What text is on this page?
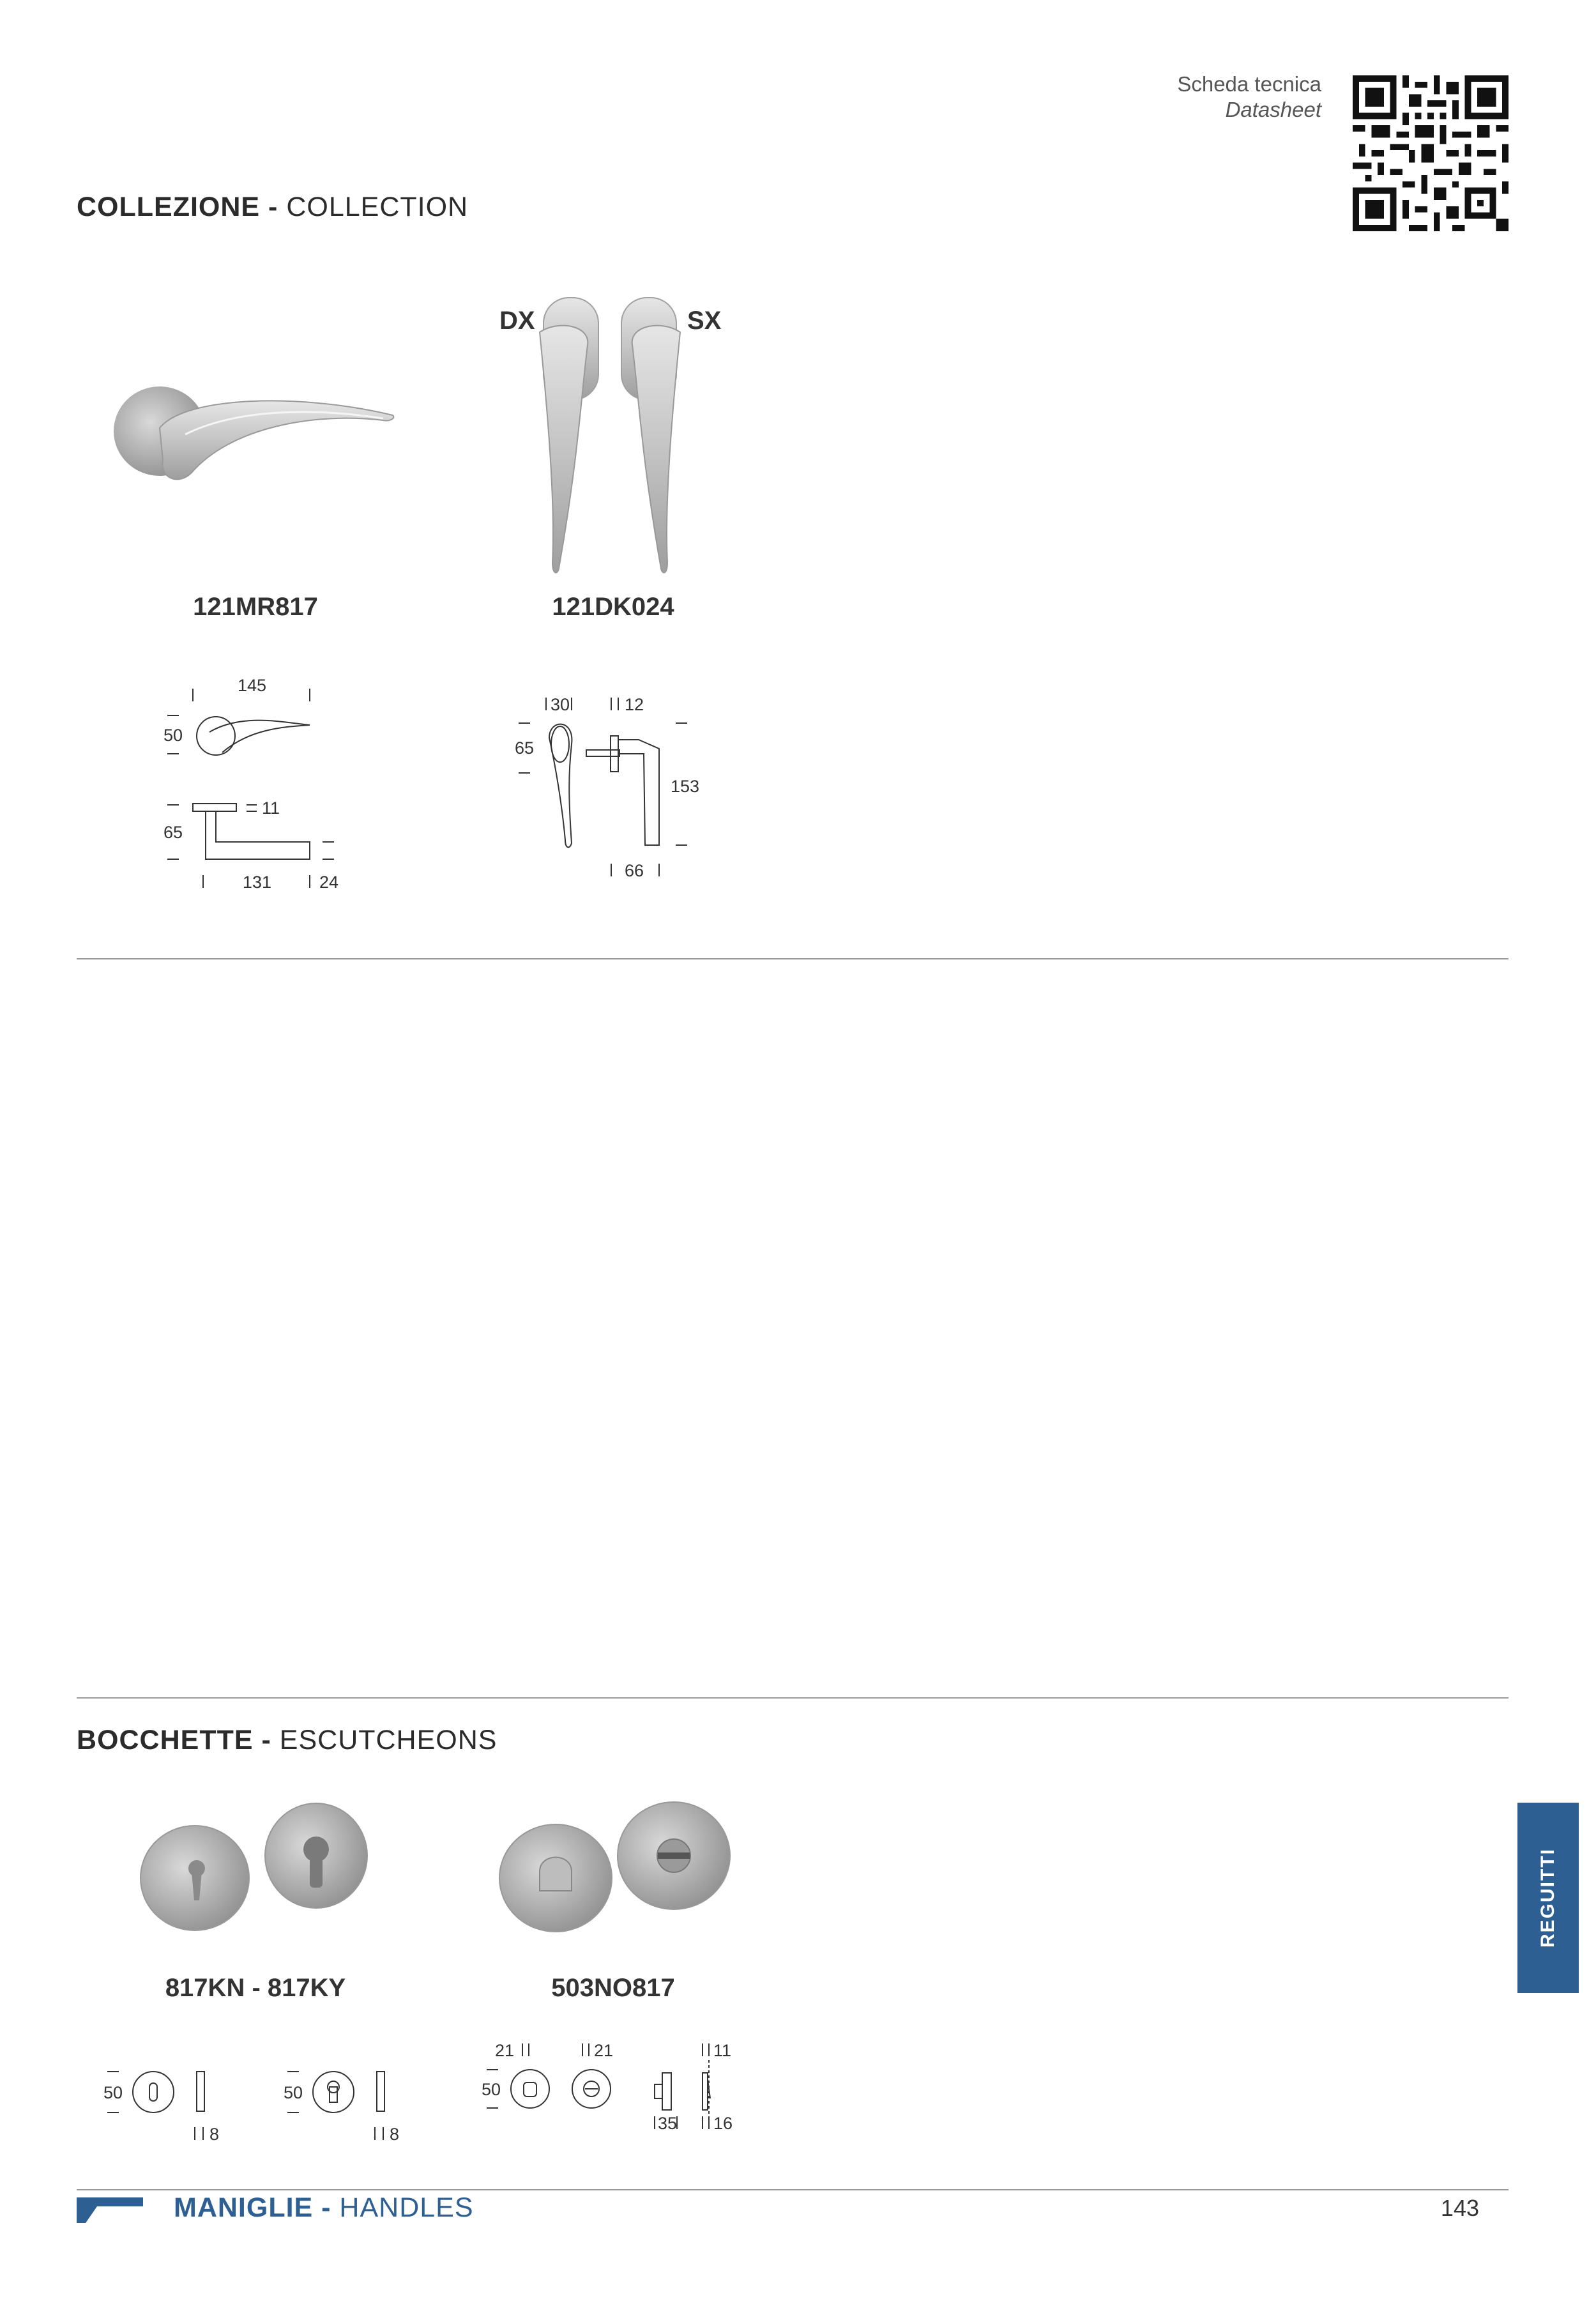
Scheda tecnica
Datasheet
COLLEZIONE - COLLECTION
DX	SX
121MR817	121DK024
145
50
11
65
131	24
30	12
65
153
66
BOCCHETTE - ESCUTCHEONS
817KN - 817KY	503NO817
50
8
50
8
21	21	11
50
35 16
REGUITTI
MANIGLIE - HANDLES	143
